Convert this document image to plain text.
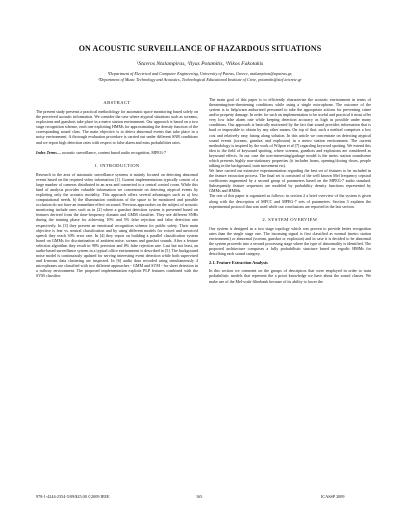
ON ACOUSTIC SURVEILLANCE OF HAZARDOUS SITUATIONS
¹Stavros Ntalampiras, ¹Ilyas Potamitis, ¹Nikos Fakotakis
¹Department of Electrical and Computer Engineering, University of Patras, Greece, ntalampiras@upatras.gr,
²Department of Music Technology and Acoustics, Technological Educational Institute of Crete, potamitis@stef.teicrete.gr
ABSTRACT

The present study presents a practical methodology for automatic space monitoring based solely on the perceived acoustic information. We consider the case where atypical situations such as screams, explosions and gunshots take place in a metro station environment. Our approach is based on a two stage recognition scheme, each one exploiting HMMs for approximating the density function of the corresponding sound class. The main objective is to detect abnormal events that take place in a noisy environment. A thorough evaluation procedure is carried out under different SNR conditions and we report high detection rates with respect to false alarm and miss probabilities rates.

Index Terms— acoustic surveillance, content based audio recognition, MPEG-7

1. INTRODUCTION

Research in the area of automatic surveillance systems is mainly focused on detecting abnormal events based on the required video information [1]. Current implementations typically consist of a large number of cameras distributed in an area and connected to a central control room. While this kind of analysis provides valuable information we concentrate on detecting atypical events by exploiting only the acoustic modality. This approach offers several advantages such as a) low computational needs, b) the illumination conditions of the space to be monitored and possible occlusion do not have an immediate effect on sound. Previous approaches on the subject of acoustic monitoring include ones such as in [2] where a gunshot detection system is presented based on features derived from the time-frequency domain and GMM classifier. They use different SNRs during the training phase for achieving 10% and 5% false rejection and false detection rate respectively. In [3] they present an emotional recognition scheme for public safety. Their main objective is fear vs. neutral classification and by using different models for voiced and unvoiced speech they reach 30% error rate. In [4] they report on building a parallel classification system based on GMMs for discrimination of ambient noise, scream and gunshot sounds. After a feature selection algorithm they result in 98% precision and 8% false rejection rate. Last but not least, an audio-based surveillance system in a typical office environment is described in [5]. The background noise model is continuously updated for serving interesting event detection while both supervised and k-means data clustering are inspected. In [6] audio data recorded using simultaneously 4 microphones are classified with two different approaches - GMM and SVM - for sheet detection in a railway environment. The proposed implementation exploits PLP features combined with the SVM classifier.

The main goal of this paper is to efficiently characterize the acoustic environment in terms of threatening/non-threatening conditions while using a single microphone. The outcome of the system is to help/warn authorized personnel to take the appropriate actions for preventing crime and/or property damage. In order for such an implementation to be useful and practical it must offer very low false alarm rate while keeping detection accuracy as high as possible under many conditions. Our approach is basically motivated by the fact that sound provides information that is hard or impossible to obtain by any other means. On top of that, such a method comprises a low cost and relatively easy fusing along solution. In this article we concentrate on detecting atypical sound events (scream, gunshot and explosion) in a metro station environment. The current methodology is inspired by the work of Wilpon et al [7] regarding keyword spotting. We extend this idea to the field of keysound spotting, where screams, gunshots and explosions are considered as keysound effects. In our case the non-interesting/garbage model is the metro station soundscene which presents highly non-stationary properties (it includes horns, opening/closing doors, people talking in the background, train movement etc).

We have carried out extensive experimentation regarding the best set of features to be included in the feature extraction process. The final set is consisted of the well known Mel frequency cepstral coefficients augmented by a second group of parameters based on the MPEG-7 audio standard. Subsequently feature sequences are modeled by probability density functions represented by GMMs and HMMs.

The rest of this paper is organized as follows: in section 2 a brief overview of the system is given along with the description of MFCC and MPEG-7 sets of parameters. Section 3 explains the experimental protocol that was used while our conclusions are reported in the last section.

2. SYSTEM OVERVIEW

Our system is designed as a two stage topology which was proven to provide better recognition rates than the single stage one. The incoming signal is first classified as normal (metro station environment) or abnormal (scream, gunshot or explosion) and in case it is decided to be abnormal the system proceeds into a second processing stage where the type of abnormality is identified. The proposed architecture comprises a fully probabilistic structure based on ergodic HMMs for describing each sound category.

2.1. Feature Extraction Analysis

In this section we comment on the groups of descriptors that were employed in order to train probabilistic models that represent the a priori knowledge we have about the sound classes. We make use of the Mel-scale filterbank because of its ability to lower the

978-1-4244-2354-5/09/$25.00 ©2009 IEEE	165	ICASSP 2009
